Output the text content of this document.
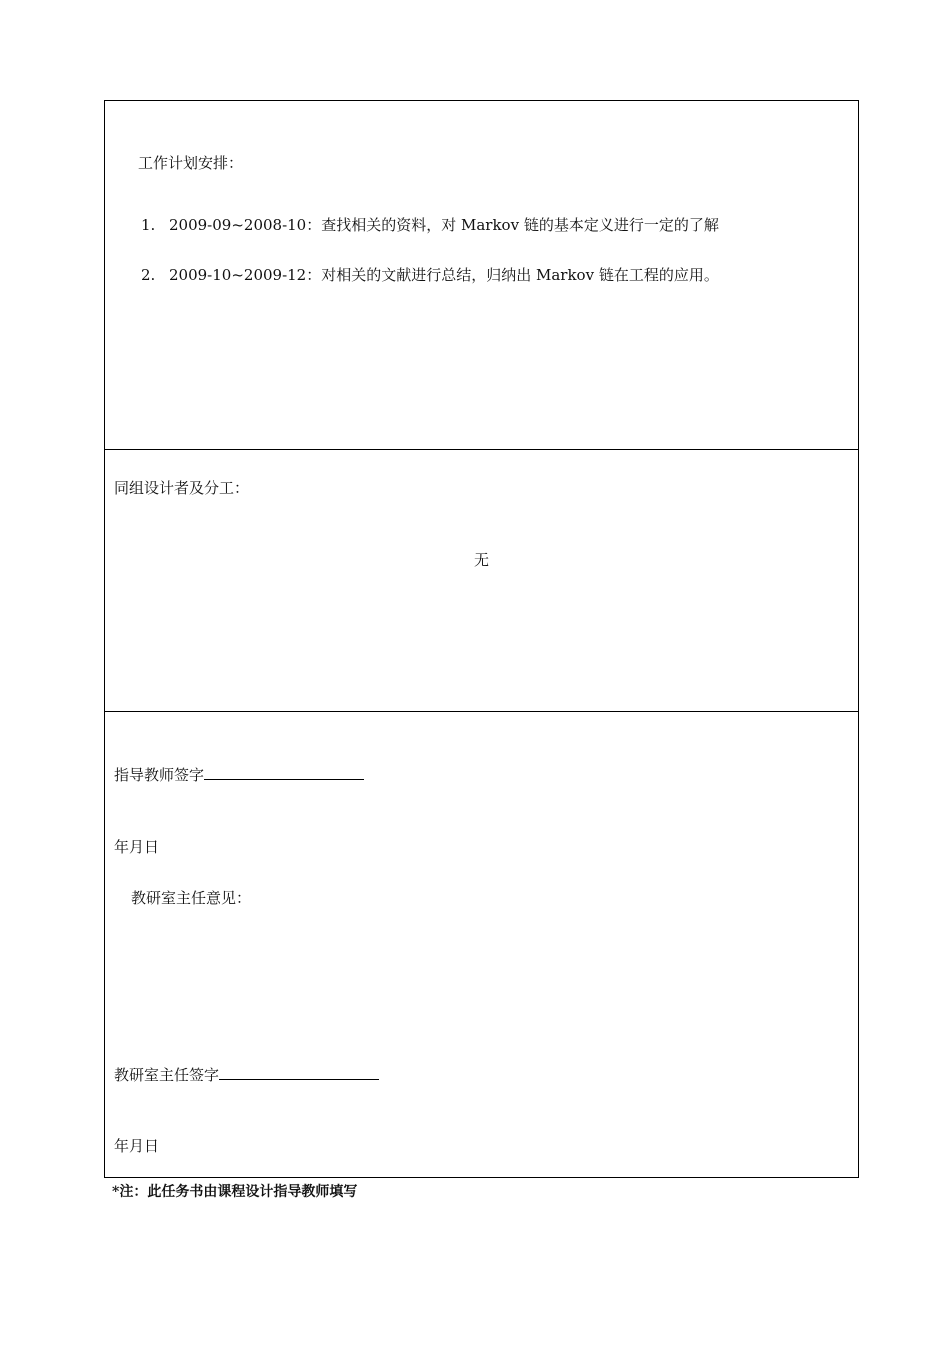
工作计划安排：
1. 2009-09~2008-10：查找相关的资料，对 Markov 链的基本定义进行一定的了解
2. 2009-10~2009-12：对相关的文献进行总结，归纳出 Markov 链在工程的应用。
同组设计者及分工：
无
指导教师签字
年月日
教研室主任意见：
教研室主任签字
年月日
*注：此任务书由课程设计指导教师填写
